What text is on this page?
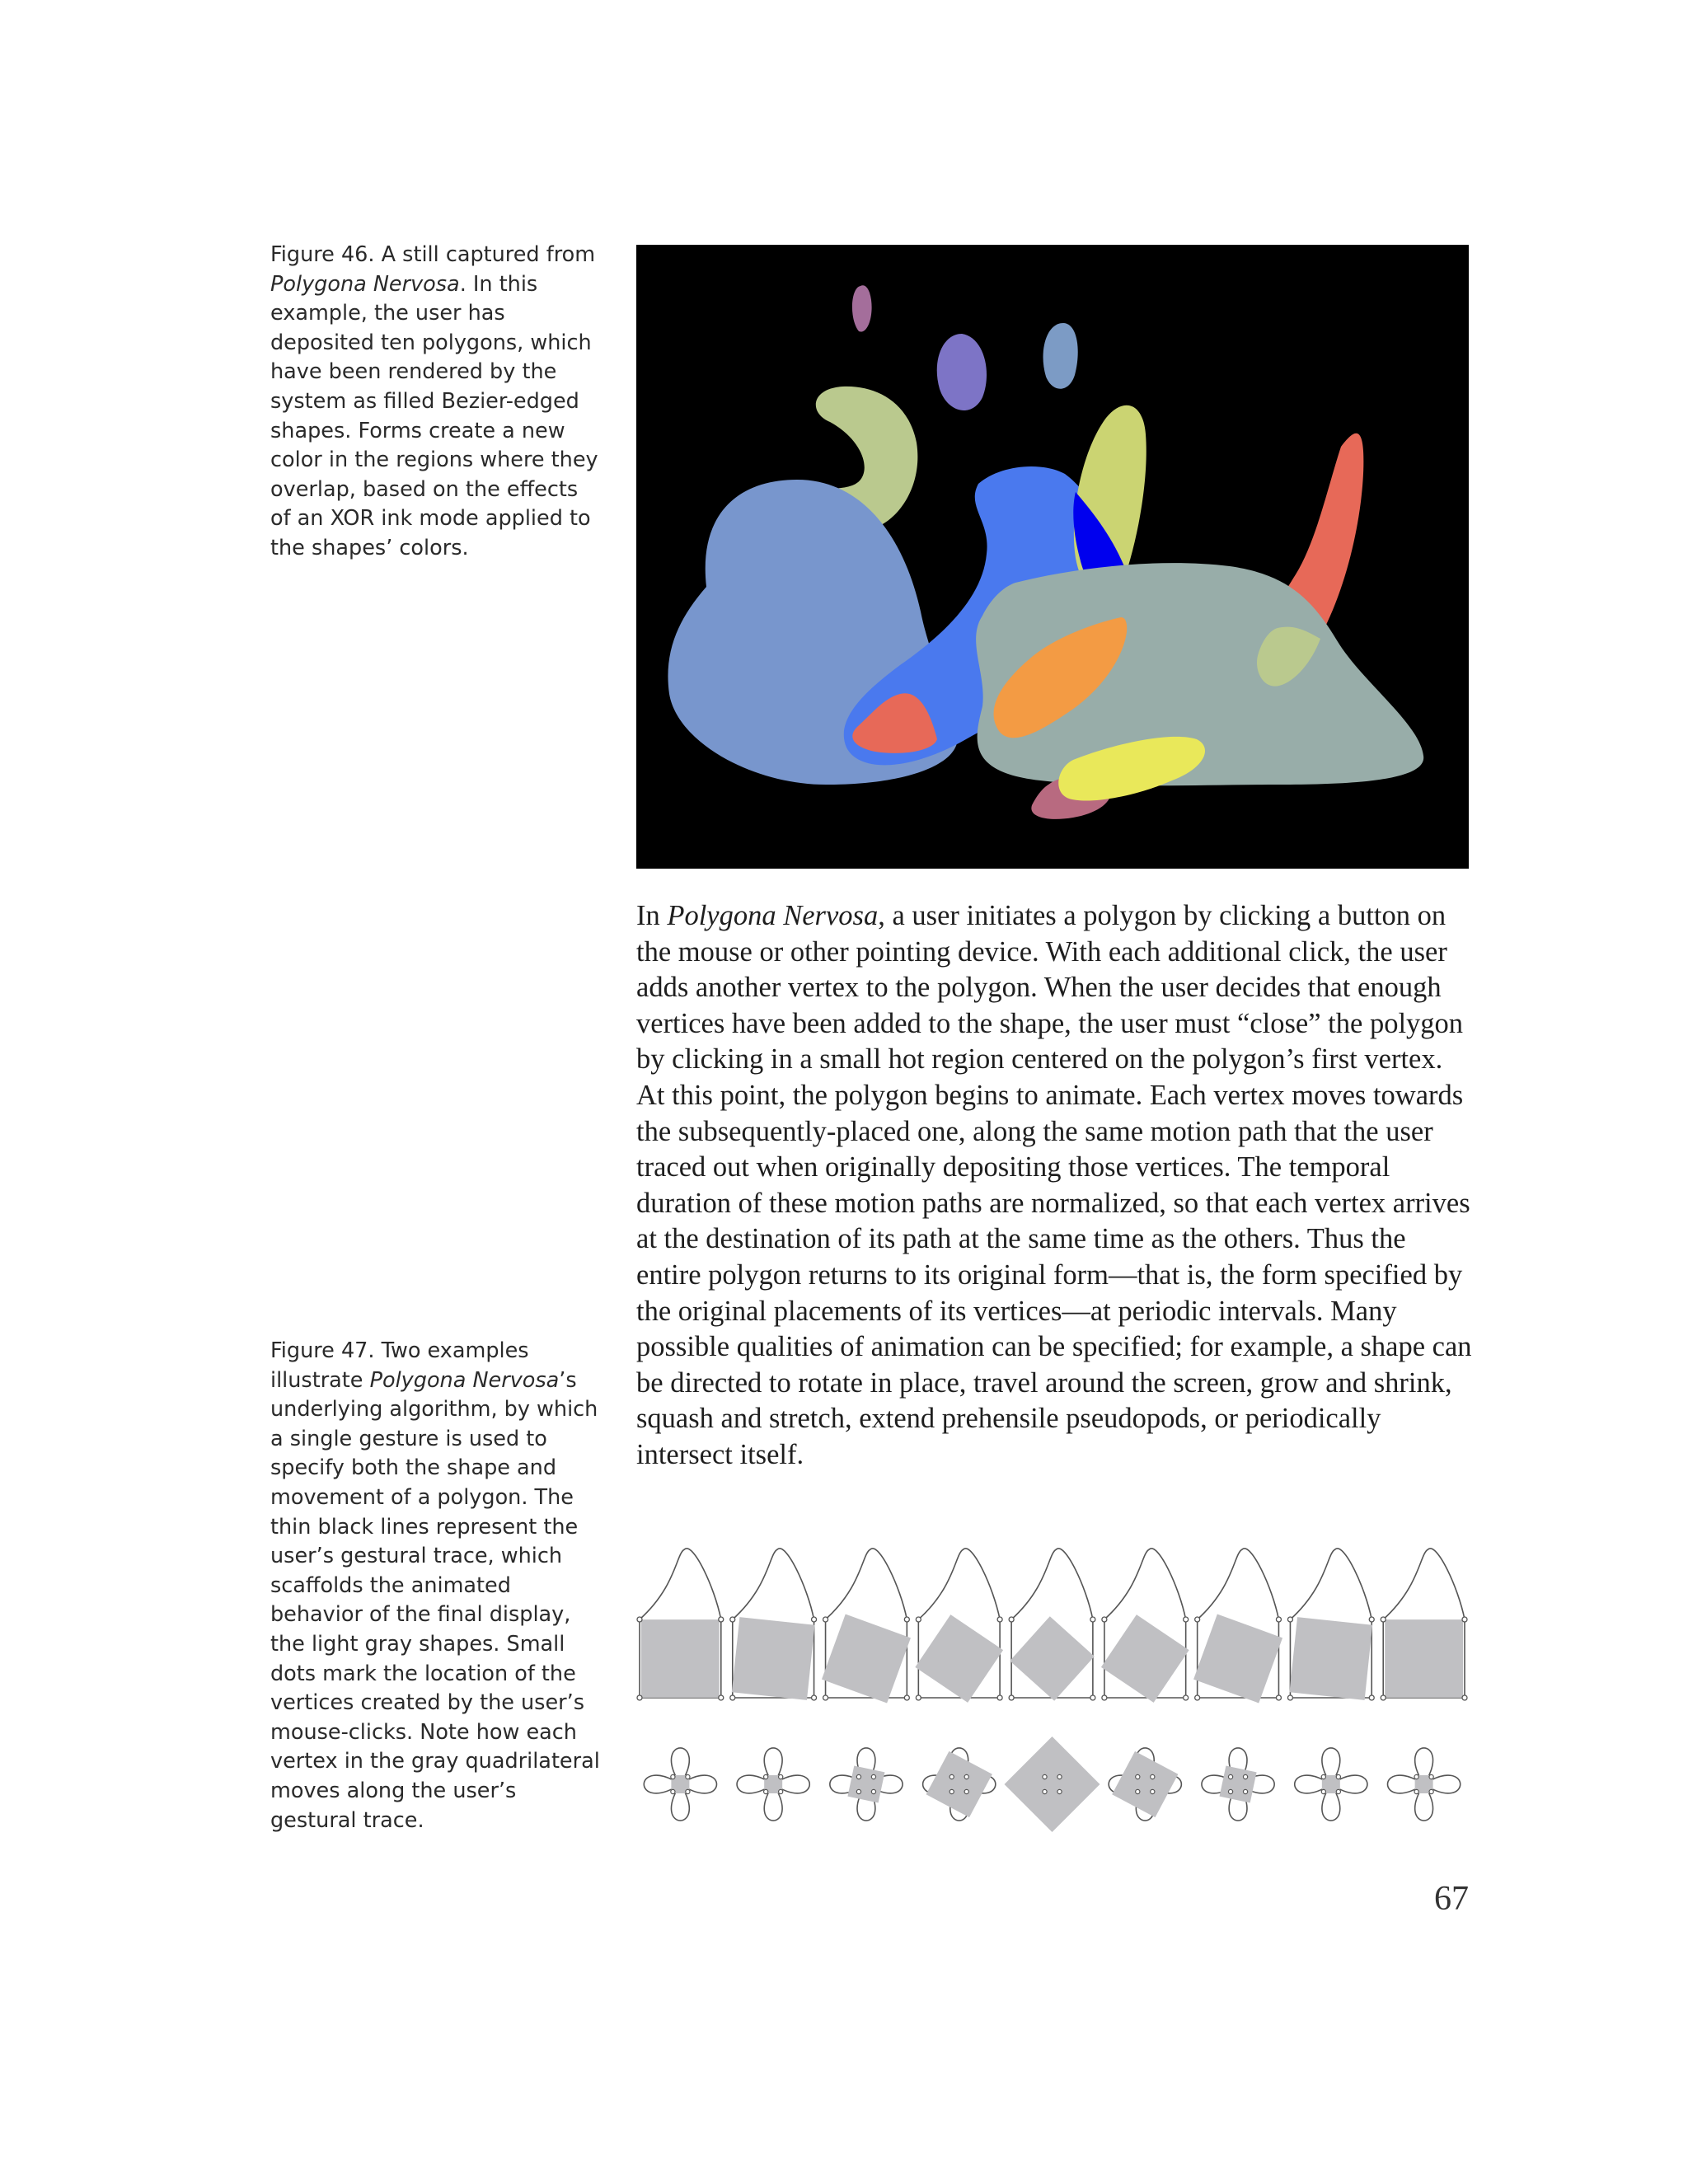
Figure 46. A still captured from Polygona Nervosa. In this example, the user has deposited ten polygons, which have been rendered by the system as filled Bezier-edged shapes. Forms create a new color in the regions where they overlap, based on the effects of an XOR ink mode applied to the shapes’ colors.

In Polygona Nervosa, a user initiates a polygon by clicking a button on the mouse or other pointing device. With each additional click, the user adds another vertex to the polygon. When the user decides that enough vertices have been added to the shape, the user must “close” the polygon by clicking in a small hot region centered on the polygon’s first vertex. At this point, the polygon begins to animate. Each vertex moves towards the subsequently-placed one, along the same motion path that the user traced out when originally depositing those vertices. The temporal duration of these motion paths are normalized, so that each vertex arrives at the destination of its path at the same time as the others. Thus the entire polygon returns to its original form—that is, the form specified by the original placements of its vertices—at periodic intervals. Many possible qualities of animation can be specified; for example, a shape can be directed to rotate in place, travel around the screen, grow and shrink, squash and stretch, extend prehensile pseudopods, or periodically intersect itself.

Figure 47. Two examples illustrate Polygona Nervosa’s underlying algorithm, by which a single gesture is used to specify both the shape and movement of a polygon. The thin black lines represent the user’s gestural trace, which scaffolds the animated behavior of the final display, the light gray shapes. Small dots mark the location of the vertices created by the user’s mouse-clicks. Note how each vertex in the gray quadrilateral moves along the user’s gestural trace.
67
